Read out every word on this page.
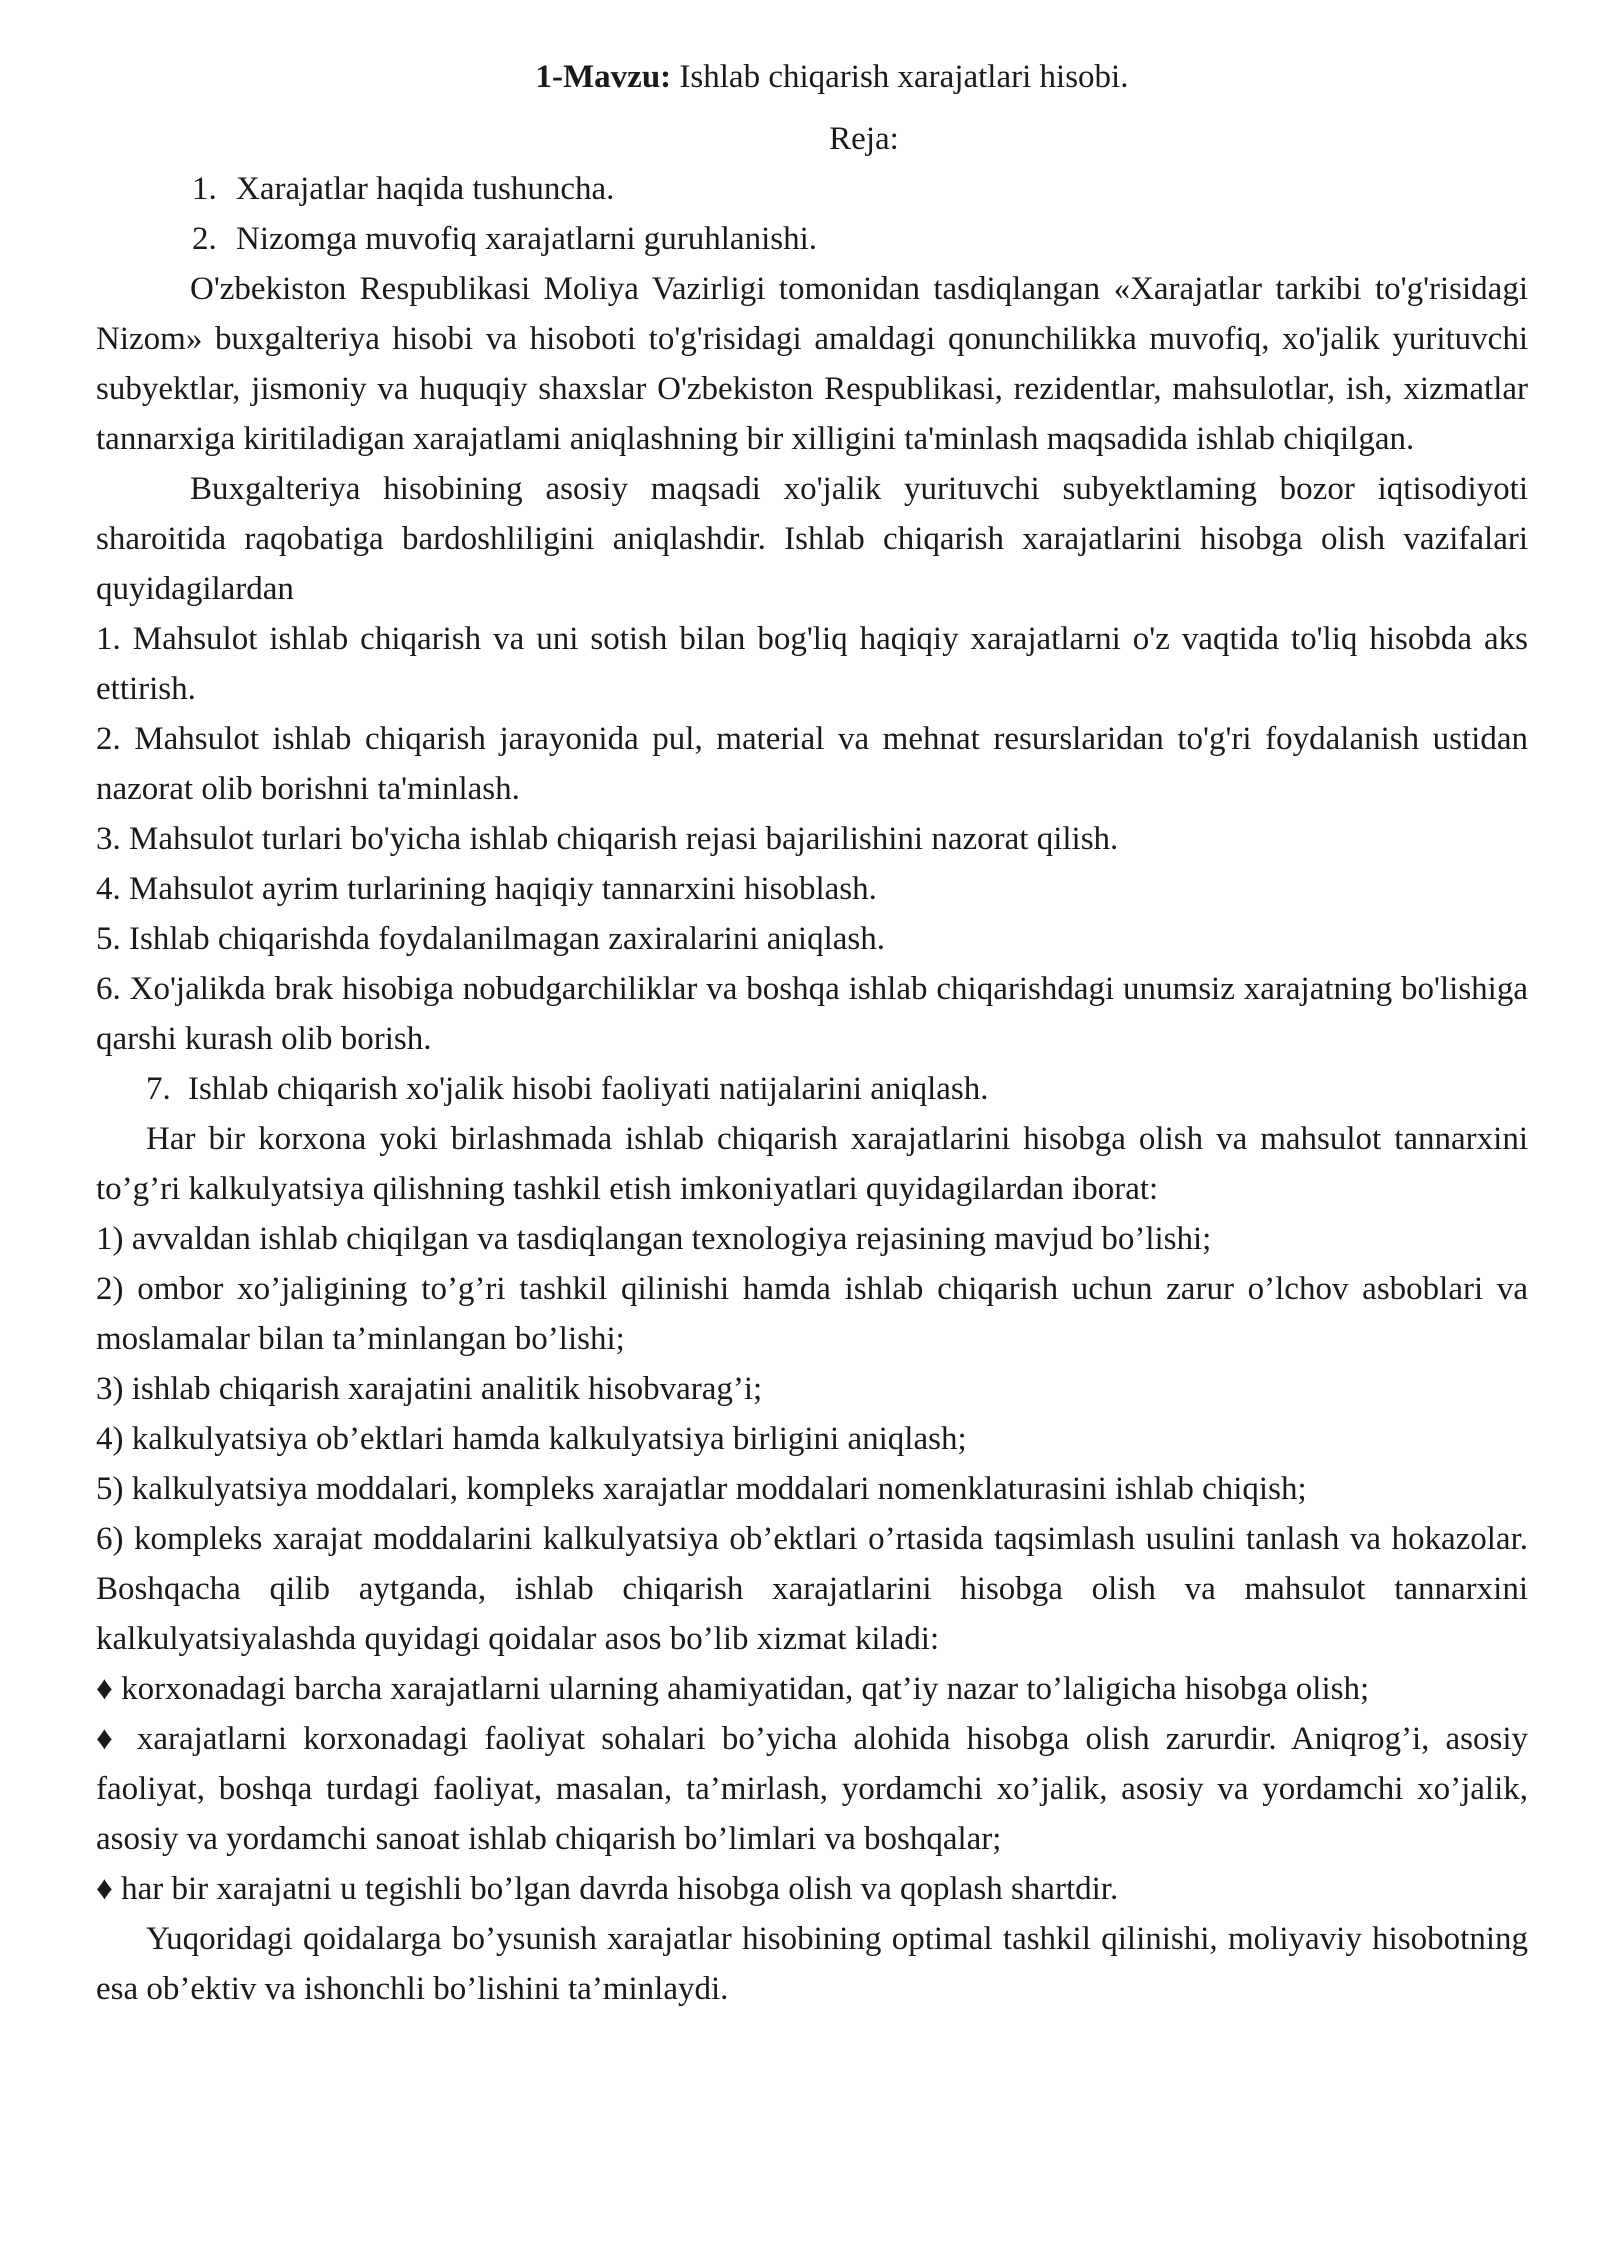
1-Mavzu: Ishlab chiqarish xarajatlari hisobi.

Reja:

1. Xarajatlar haqida tushuncha.
2. Nizomga muvofiq xarajatlarni guruhlanishi.

O'zbekiston Respublikasi Moliya Vazirligi tomonidan tasdiqlangan «Xarajatlar tarkibi to'g'risidagi Nizom» buxgalteriya hisobi va hisoboti to'g'risidagi amaldagi qonunchilikka muvofiq, xo'jalik yurituvchi subyektlar, jismoniy va huquqiy shaxslar O'zbekiston Respublikasi, rezidentlar, mahsulotlar, ish, xizmatlar tannarxiga kiritiladigan xarajatlami aniqlashning bir xilligini ta'minlash maqsadida ishlab chiqilgan.

Buxgalteriya hisobining asosiy maqsadi xo'jalik yurituvchi subyektlaming bozor iqtisodiyoti sharoitida raqobatiga bardoshliligini aniqlashdir. Ishlab chiqarish xarajatlarini hisobga olish vazifalari quyidagilardan

1. Mahsulot ishlab chiqarish va uni sotish bilan bog'liq haqiqiy xarajatlarni o'z vaqtida to'liq hisobda aks ettirish.

2. Mahsulot ishlab chiqarish jarayonida pul, material va mehnat resurslaridan to'g'ri foydalanish ustidan nazorat olib borishni ta'minlash.

3. Mahsulot turlari bo'yicha ishlab chiqarish rejasi bajarilishini nazorat qilish.

4. Mahsulot ayrim turlarining haqiqiy tannarxini hisoblash.

5. Ishlab chiqarishda foydalanilmagan zaxiralarini aniqlash.

6. Xo'jalikda brak hisobiga nobudgarchiliklar va boshqa ishlab chiqarishdagi unumsiz xarajatning bo'lishiga qarshi kurash olib borish.

7. Ishlab chiqarish xo'jalik hisobi faoliyati natijalarini aniqlash.

Har bir korxona yoki birlashmada ishlab chiqarish xarajatlarini hisobga olish va mahsulot tannarxini to’g’ri kalkulyatsiya qilishning tashkil etish imkoniyatlari quyidagilardan iborat:

1) avvaldan ishlab chiqilgan va tasdiqlangan texnologiya rejasining mavjud bo’lishi;

2) ombor xo’jaligining to’g’ri tashkil qilinishi hamda ishlab chiqarish uchun zarur o’lchov asboblari va moslamalar bilan ta’minlangan bo’lishi;

3) ishlab chiqarish xarajatini analitik hisobvarag’i;

4) kalkulyatsiya ob’ektlari hamda kalkulyatsiya birligini aniqlash;

5) kalkulyatsiya moddalari, kompleks xarajatlar moddalari nomenklaturasini ishlab chiqish;

6) kompleks xarajat moddalarini kalkulyatsiya ob’ektlari o’rtasida taqsimlash usulini tanlash va hokazolar. Boshqacha qilib aytganda, ishlab chiqarish xarajatlarini hisobga olish va mahsulot tannarxini kalkulyatsiyalashda quyidagi qoidalar asos bo’lib xizmat kiladi:

♦ korxonadagi barcha xarajatlarni ularning ahamiyatidan, qat’iy nazar to’laligicha hisobga olish;

♦ xarajatlarni korxonadagi faoliyat sohalari bo’yicha alohida hisobga olish zarurdir. Aniqrog’i, asosiy faoliyat, boshqa turdagi faoliyat, masalan, ta’mirlash, yordamchi xo’jalik, asosiy va yordamchi xo’jalik, asosiy va yordamchi sanoat ishlab chiqarish bo’limlari va boshqalar;

♦ har bir xarajatni u tegishli bo’lgan davrda hisobga olish va qoplash shartdir.

Yuqoridagi qoidalarga bo’ysunish xarajatlar hisobining optimal tashkil qilinishi, moliyaviy hisobotning esa ob’ektiv va ishonchli bo’lishini ta’minlaydi.
